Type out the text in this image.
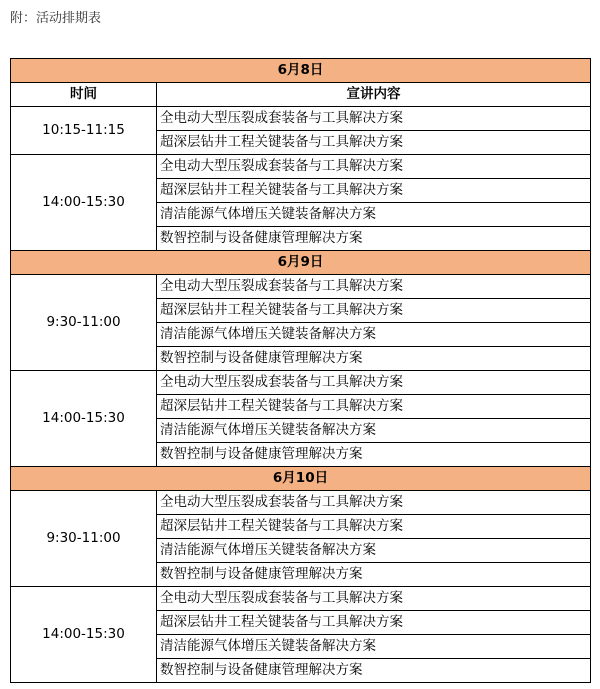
附：活动排期表
6月8日	
时间	宣讲内容
10:15-11:15	全电动大型压裂成套装备与工具解决方案
	超深层钻井工程关键装备与工具解决方案
14:00-15:30	全电动大型压裂成套装备与工具解决方案
	超深层钻井工程关键装备与工具解决方案
	清洁能源气体增压关键装备解决方案
	数智控制与设备健康管理解决方案
6月9日	
9:30-11:00	全电动大型压裂成套装备与工具解决方案
	超深层钻井工程关键装备与工具解决方案
	清洁能源气体增压关键装备解决方案
	数智控制与设备健康管理解决方案
14:00-15:30	全电动大型压裂成套装备与工具解决方案
	超深层钻井工程关键装备与工具解决方案
	清洁能源气体增压关键装备解决方案
	数智控制与设备健康管理解决方案
6月10日	
9:30-11:00	全电动大型压裂成套装备与工具解决方案
	超深层钻井工程关键装备与工具解决方案
	清洁能源气体增压关键装备解决方案
	数智控制与设备健康管理解决方案
14:00-15:30	全电动大型压裂成套装备与工具解决方案
	超深层钻井工程关键装备与工具解决方案
	清洁能源气体增压关键装备解决方案
	数智控制与设备健康管理解决方案
